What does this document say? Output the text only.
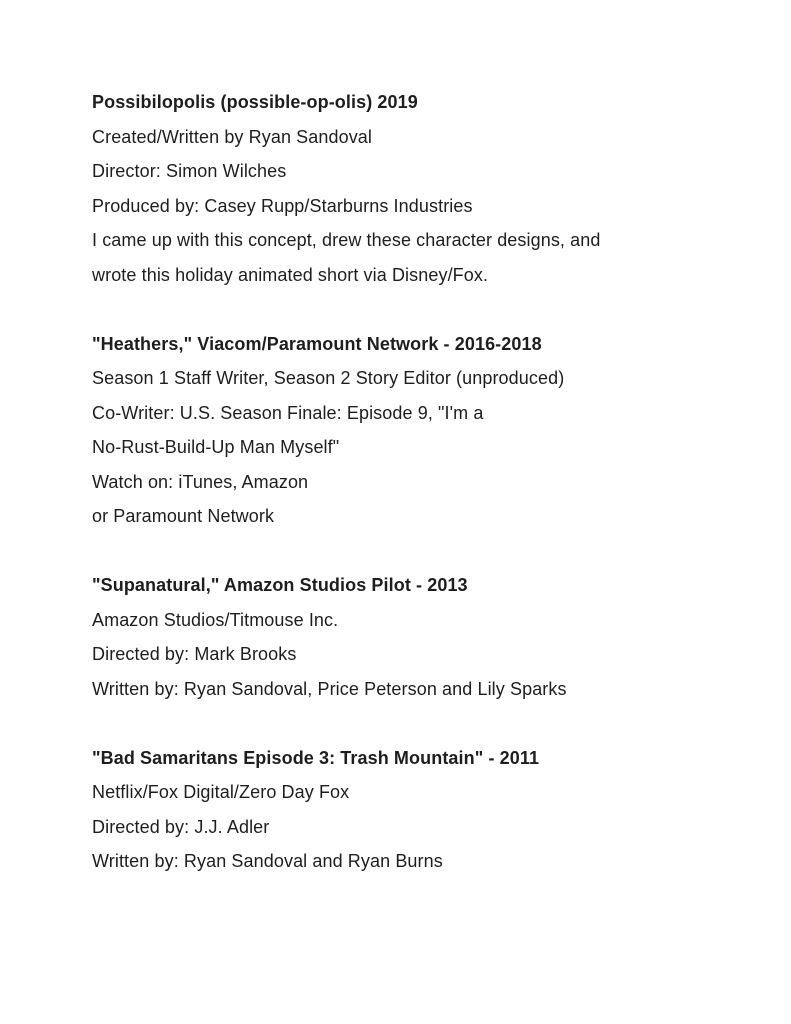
Possibilopolis (possible-op-olis) 2019

Created/Written by Ryan Sandoval

Director: Simon Wilches

Produced by: Casey Rupp/Starburns Industries

I came up with this concept, drew these character designs, and

wrote this holiday animated short via Disney/Fox.

"Heathers," Viacom/Paramount Network - 2016-2018

Season 1 Staff Writer, Season 2 Story Editor (unproduced)

Co-Writer: U.S. Season Finale: Episode 9, "I'm a

No-Rust-Build-Up Man Myself"

Watch on: iTunes, Amazon

or Paramount Network

"Supanatural," Amazon Studios Pilot - 2013

Amazon Studios/Titmouse Inc.

Directed by: Mark Brooks

Written by: Ryan Sandoval, Price Peterson and Lily Sparks

"Bad Samaritans Episode 3: Trash Mountain" - 2011

Netflix/Fox Digital/Zero Day Fox

Directed by: J.J. Adler

Written by: Ryan Sandoval and Ryan Burns
